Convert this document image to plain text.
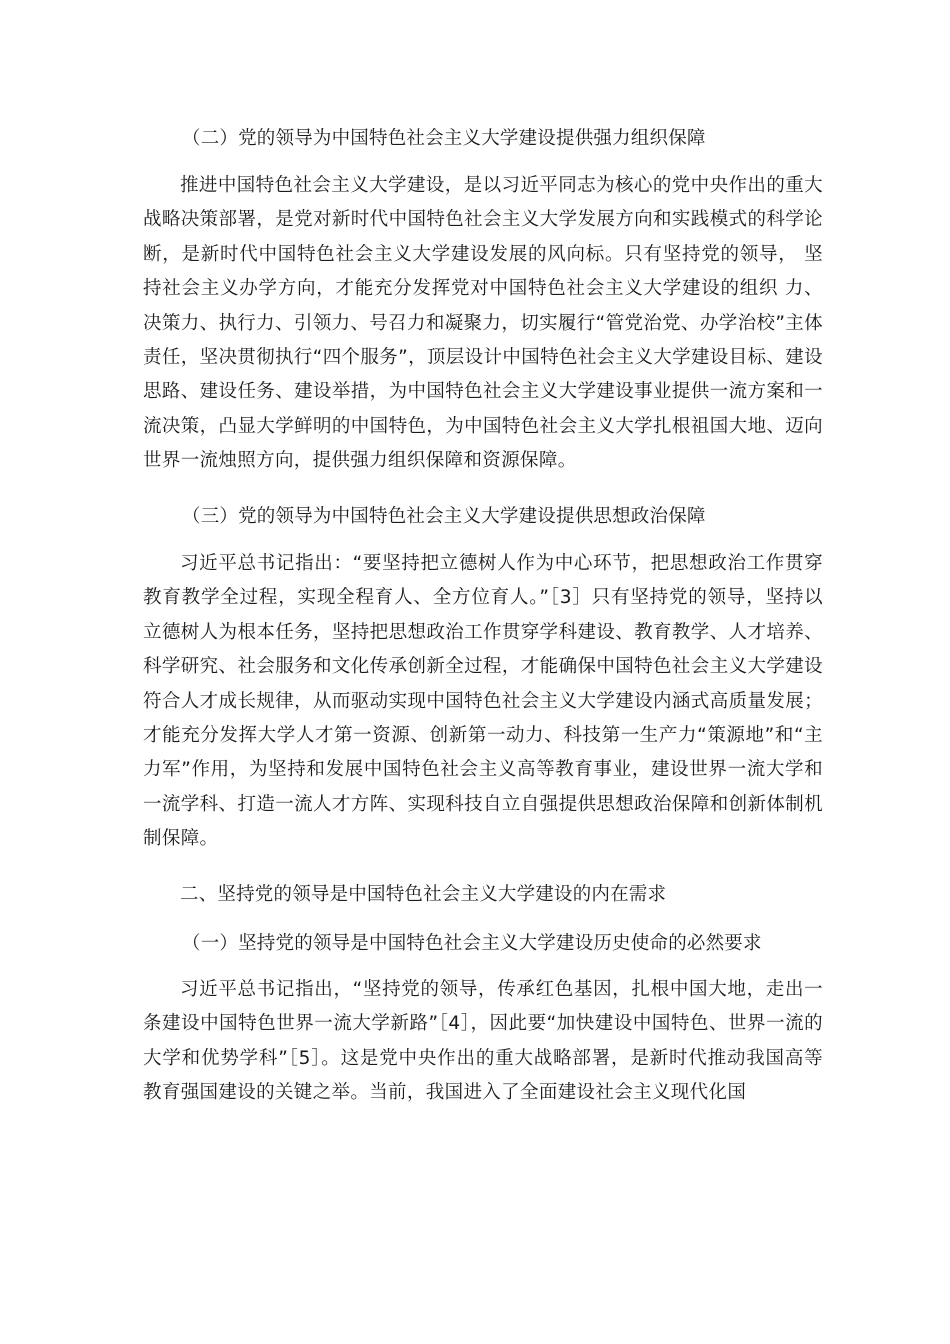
（二）党的领导为中国特色社会主义大学建设提供强力组织保障

推进中国特色社会主义大学建设，是以习近平同志为核心的党中央作出的重大战略决策部署，是党对新时代中国特色社会主义大学发展方向和实践模式的科学论断，是新时代中国特色社会主义大学建设发展的风向标。只有坚持党的领导， 坚持社会主义办学方向，才能充分发挥党对中国特色社会主义大学建设的组织 力、决策力、执行力、引领力、号召力和凝聚力，切实履行“管党治党、办学治校”主体责任，坚决贯彻执行“四个服务”，顶层设计中国特色社会主义大学建设目标、建设思路、建设任务、建设举措，为中国特色社会主义大学建设事业提供一流方案和一流决策，凸显大学鲜明的中国特色，为中国特色社会主义大学扎根祖国大地、迈向世界一流烛照方向，提供强力组织保障和资源保障。

（三）党的领导为中国特色社会主义大学建设提供思想政治保障

习近平总书记指出：“要坚持把立德树人作为中心环节，把思想政治工作贯穿教育教学全过程，实现全程育人、全方位育人。”［3］只有坚持党的领导，坚持以立德树人为根本任务，坚持把思想政治工作贯穿学科建设、教育教学、人才培养、科学研究、社会服务和文化传承创新全过程，才能确保中国特色社会主义大学建设符合人才成长规律，从而驱动实现中国特色社会主义大学建设内涵式高质量发展；才能充分发挥大学人才第一资源、创新第一动力、科技第一生产力“策源地”和“主力军”作用，为坚持和发展中国特色社会主义高等教育事业，建设世界一流大学和一流学科、打造一流人才方阵、实现科技自立自强提供思想政治保障和创新体制机制保障。

二、坚持党的领导是中国特色社会主义大学建设的内在需求

（一）坚持党的领导是中国特色社会主义大学建设历史使命的必然要求

习近平总书记指出，“坚持党的领导，传承红色基因，扎根中国大地，走出一条建设中国特色世界一流大学新路”［4］，因此要“加快建设中国特色、世界一流的大学和优势学科”［5］。这是党中央作出的重大战略部署，是新时代推动我国高等教育强国建设的关键之举。当前，我国进入了全面建设社会主义现代化国
